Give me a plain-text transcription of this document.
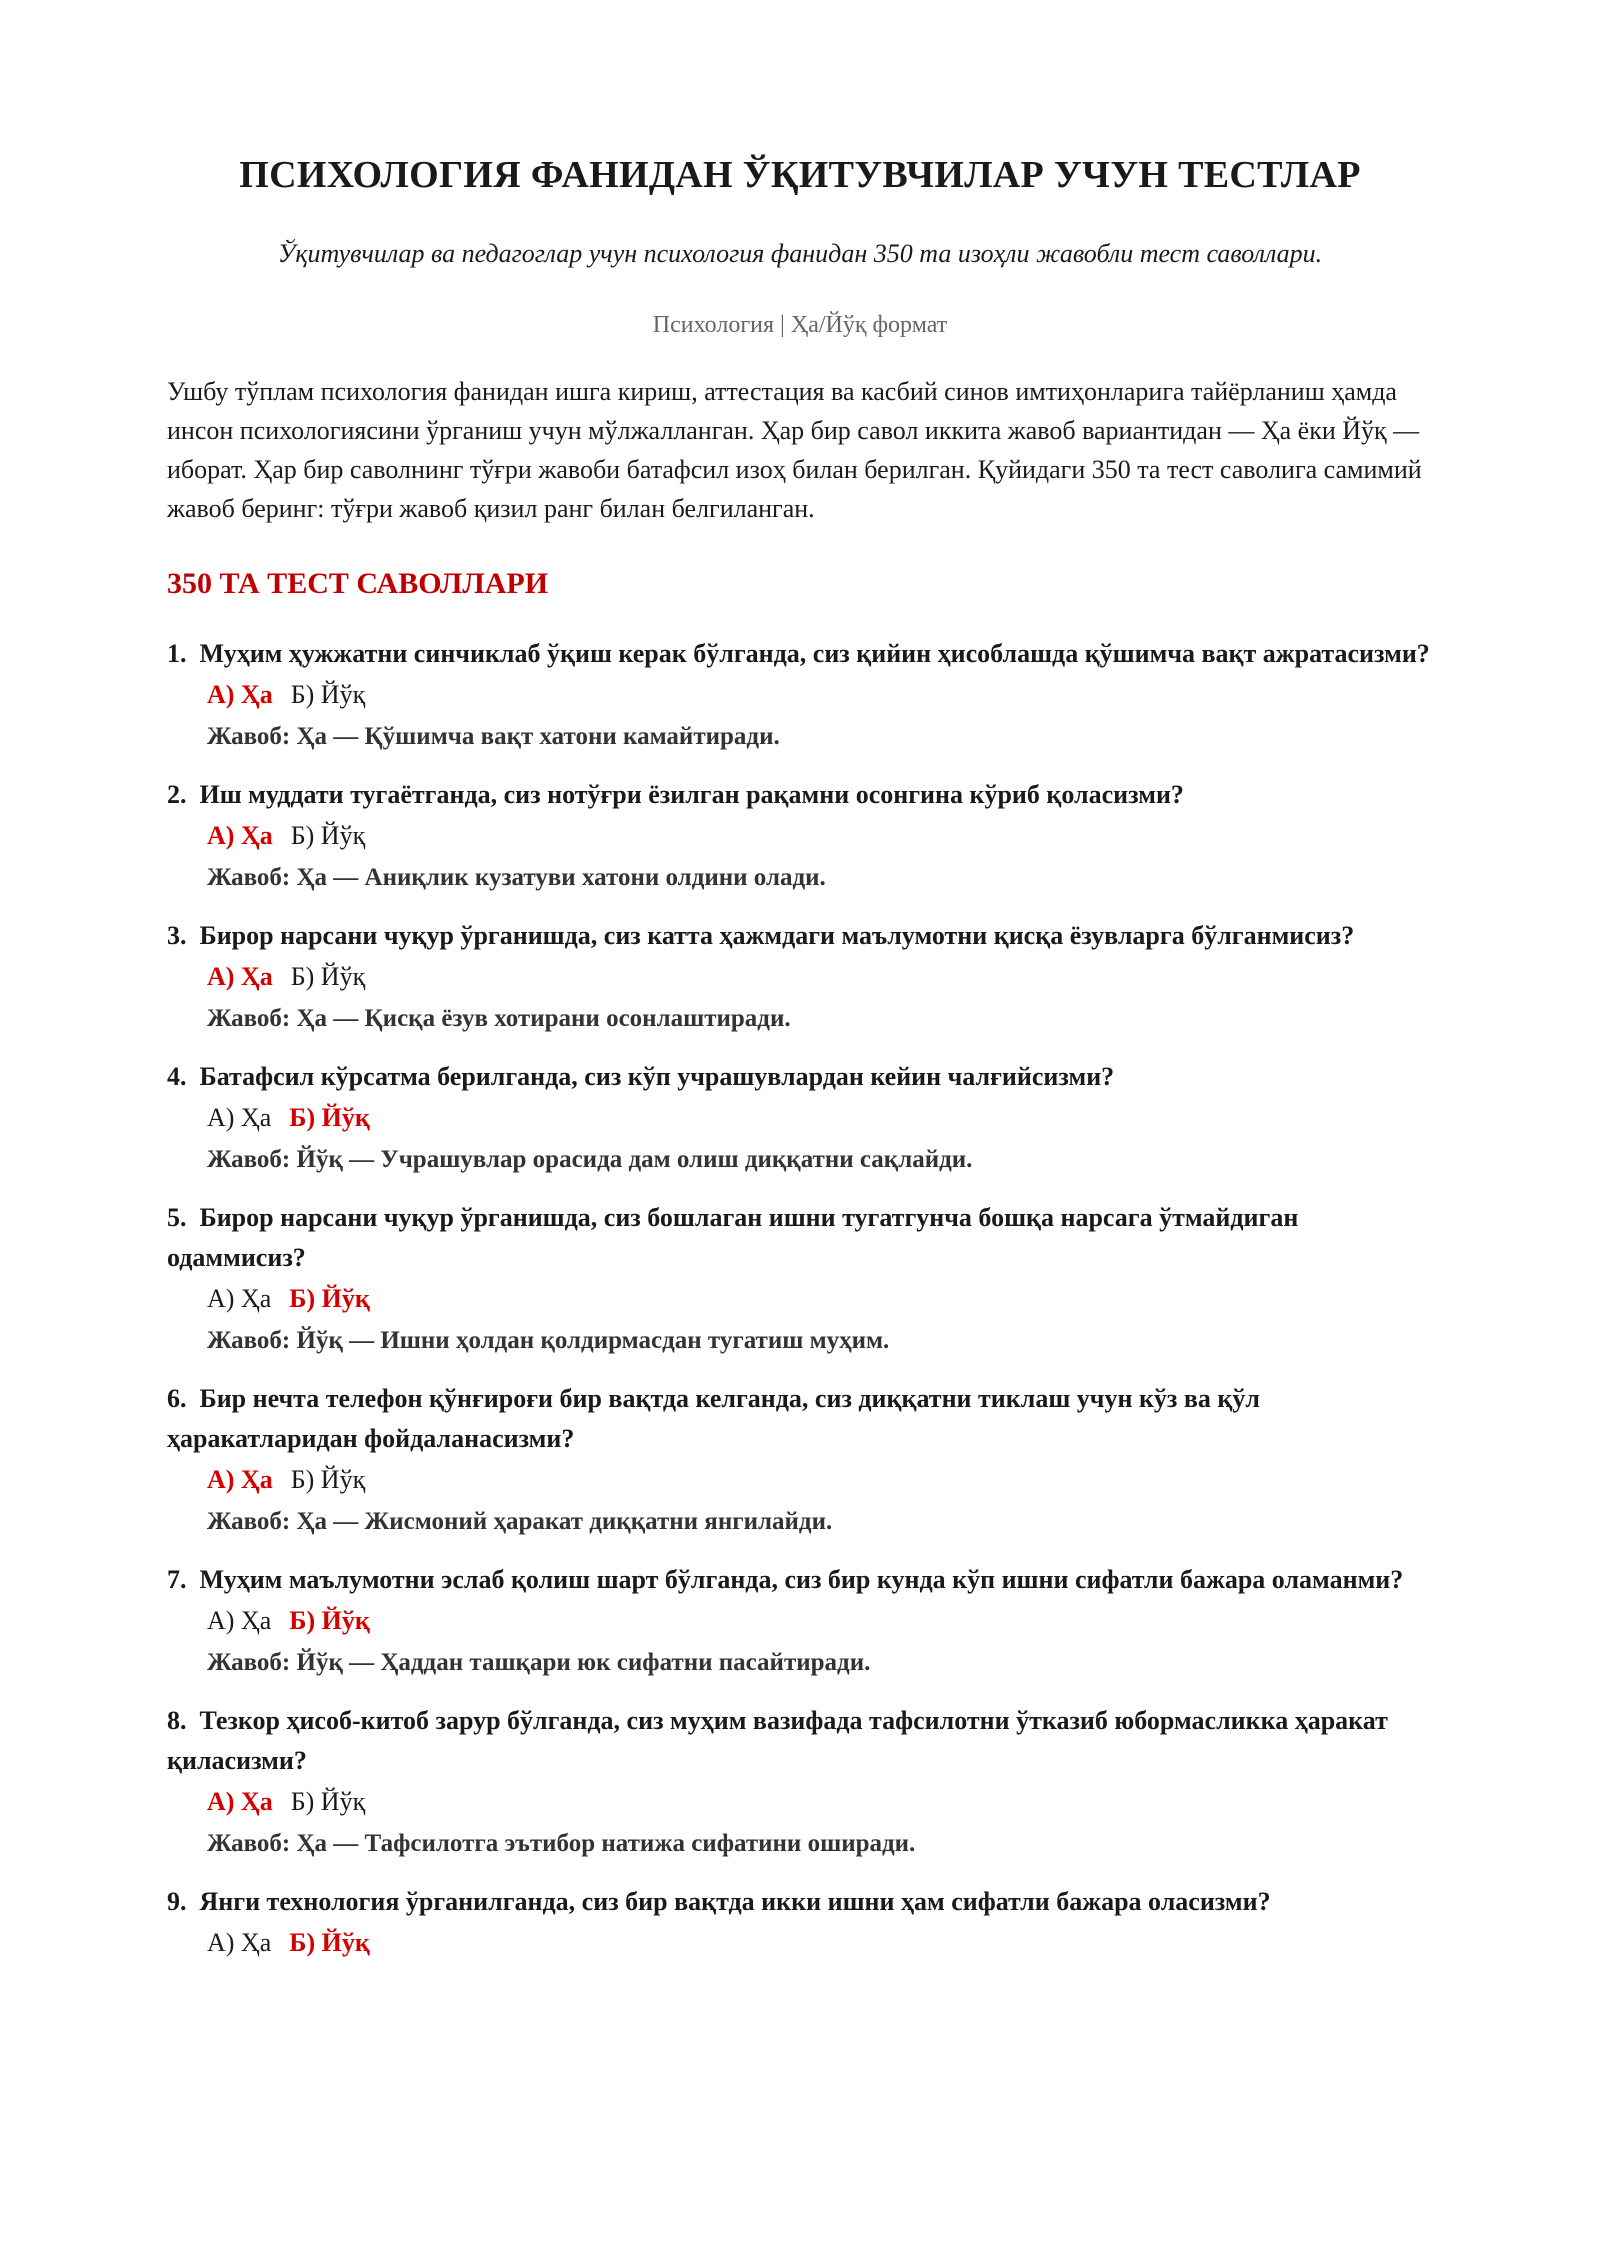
ПСИХОЛОГИЯ ФАНИДАН ЎҚИТУВЧИЛАР УЧУН ТЕСТЛАР
Ўқитувчилар ва педагоглар учун психология фанидан 350 та изоҳли жавобли тест саволлари.
Психология | Ҳа/Йўқ формат

Ушбу тўплам психология фанидан ишга кириш, аттестация ва касбий синов имтиҳонларига тайёрланиш ҳамда инсон психологиясини ўрганиш учун мўлжалланган. Ҳар бир савол иккита жавоб вариантидан — Ҳа ёки Йўқ — иборат. Ҳар бир саволнинг тўғри жавоби батафсил изоҳ билан берилган. Қуйидаги 350 та тест саволига самимий жавоб беринг: тўғри жавоб қизил ранг билан белгиланган.

350 ТА ТЕСТ САВОЛЛАРИ
1. Муҳим ҳужжатни синчиклаб ўқиш керак бўлганда, сиз қийин ҳисоблашда қўшимча вақт ажратасизми?
А) Ҳа Б) Йўқ
Жавоб: Ҳа — Қўшимча вақт хатони камайтиради.
2. Иш муддати тугаётганда, сиз нотўғри ёзилган рақамни осонгина кўриб қоласизми?
А) Ҳа Б) Йўқ
Жавоб: Ҳа — Аниқлик кузатуви хатони олдини олади.
3. Бирор нарсани чуқур ўрганишда, сиз катта ҳажмдаги маълумотни қисқа ёзувларга бўлганмисиз?
А) Ҳа Б) Йўқ
Жавоб: Ҳа — Қисқа ёзув хотирани осонлаштиради.
4. Батафсил кўрсатма берилганда, сиз кўп учрашувлардан кейин чалғийсизми?
А) Ҳа Б) Йўқ
Жавоб: Йўқ — Учрашувлар орасида дам олиш диққатни сақлайди.
5. Бирор нарсани чуқур ўрганишда, сиз бошлаган ишни тугатгунча бошқа нарсага ўтмайдиган одаммисиз?
А) Ҳа Б) Йўқ
Жавоб: Йўқ — Ишни ҳолдан қолдирмасдан тугатиш муҳим.
6. Бир нечта телефон қўнғироғи бир вақтда келганда, сиз диққатни тиклаш учун кўз ва қўл ҳаракатларидан фойдаланасизми?
А) Ҳа Б) Йўқ
Жавоб: Ҳа — Жисмоний ҳаракат диққатни янгилайди.
7. Муҳим маълумотни эслаб қолиш шарт бўлганда, сиз бир кунда кўп ишни сифатли бажара оламанми?
А) Ҳа Б) Йўқ
Жавоб: Йўқ — Ҳаддан ташқари юк сифатни пасайтиради.
8. Тезкор ҳисоб-китоб зарур бўлганда, сиз муҳим вазифада тафсилотни ўтказиб юбормасликка ҳаракат қиласизми?
А) Ҳа Б) Йўқ
Жавоб: Ҳа — Тафсилотга эътибор натижа сифатини оширади.
9. Янги технология ўрганилганда, сиз бир вақтда икки ишни ҳам сифатли бажара оласизми?
А) Ҳа Б) Йўқ
